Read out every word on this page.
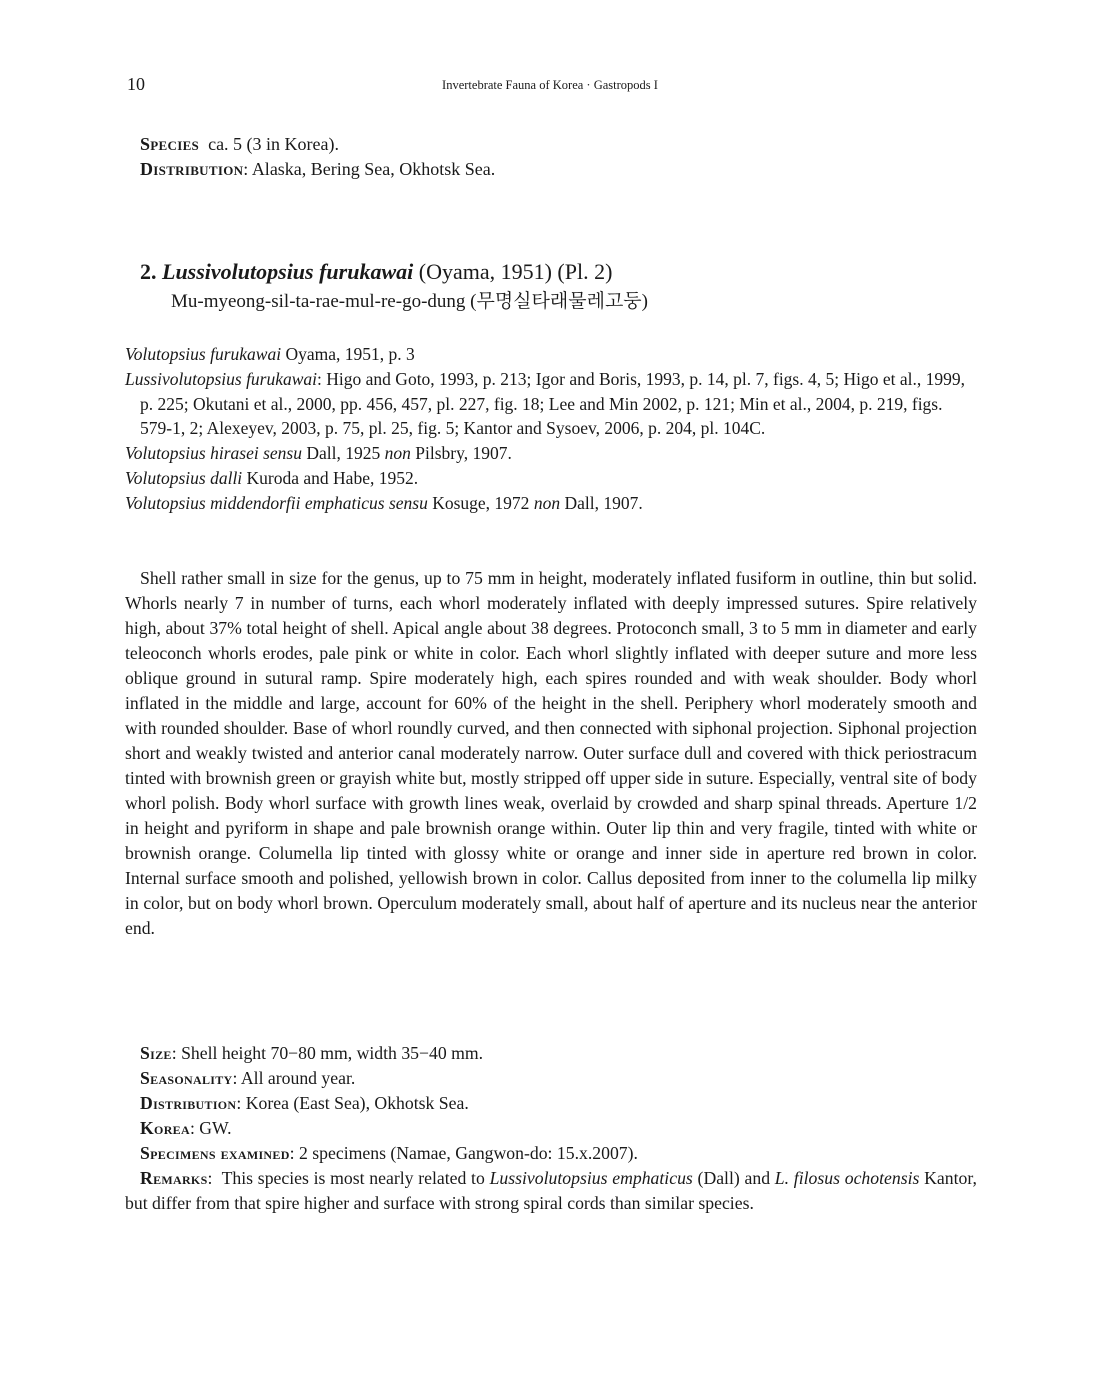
10	Invertebrate Fauna of Korea · Gastropods I
Species ca. 5 (3 in Korea).
Distribution: Alaska, Bering Sea, Okhotsk Sea.
2. Lussivolutopsius furukawai (Oyama, 1951) (Pl. 2)
Mu-myeong-sil-ta-rae-mul-re-go-dung (무명실타래물레고둥)
Volutopsius furukawai Oyama, 1951, p. 3
Lussivolutopsius furukawai: Higo and Goto, 1993, p. 213; Igor and Boris, 1993, p. 14, pl. 7, figs. 4, 5; Higo et al., 1999, p. 225; Okutani et al., 2000, pp. 456, 457, pl. 227, fig. 18; Lee and Min 2002, p. 121; Min et al., 2004, p. 219, figs. 579-1, 2; Alexeyev, 2003, p. 75, pl. 25, fig. 5; Kantor and Sysoev, 2006, p. 204, pl. 104C.
Volutopsius hirasei sensu Dall, 1925 non Pilsbry, 1907.
Volutopsius dalli Kuroda and Habe, 1952.
Volutopsius middendorfii emphaticus sensu Kosuge, 1972 non Dall, 1907.
Shell rather small in size for the genus, up to 75 mm in height, moderately inflated fusiform in outline, thin but solid. Whorls nearly 7 in number of turns, each whorl moderately inflated with deeply impressed sutures. Spire relatively high, about 37% total height of shell. Apical angle about 38 degrees. Protoconch small, 3 to 5 mm in diameter and early teleoconch whorls erodes, pale pink or white in color. Each whorl slightly inflated with deeper suture and more less oblique ground in sutural ramp. Spire moderately high, each spires rounded and with weak shoulder. Body whorl inflated in the middle and large, account for 60% of the height in the shell. Periphery whorl moderately smooth and with rounded shoulder. Base of whorl roundly curved, and then connected with siphonal projection. Siphonal projection short and weakly twisted and anterior canal moderately narrow. Outer surface dull and covered with thick periostracum tinted with brownish green or grayish white but, mostly stripped off upper side in suture. Especially, ventral site of body whorl polish. Body whorl surface with growth lines weak, overlaid by crowded and sharp spinal threads. Aperture 1/2 in height and pyriform in shape and pale brownish orange within. Outer lip thin and very fragile, tinted with white or brownish orange. Columella lip tinted with glossy white or orange and inner side in aperture red brown in color. Internal surface smooth and polished, yellowish brown in color. Callus deposited from inner to the columella lip milky in color, but on body whorl brown. Operculum moderately small, about half of aperture and its nucleus near the anterior end.
Size: Shell height 70−80 mm, width 35−40 mm.
Seasonality: All around year.
Distribution: Korea (East Sea), Okhotsk Sea.
Korea: GW.
Specimens examined: 2 specimens (Namae, Gangwon-do: 15.x.2007).
Remarks:  This species is most nearly related to Lussivolutopsius emphaticus (Dall) and L. filosus ochotensis Kantor, but differ from that spire higher and surface with strong spiral cords than similar species.
